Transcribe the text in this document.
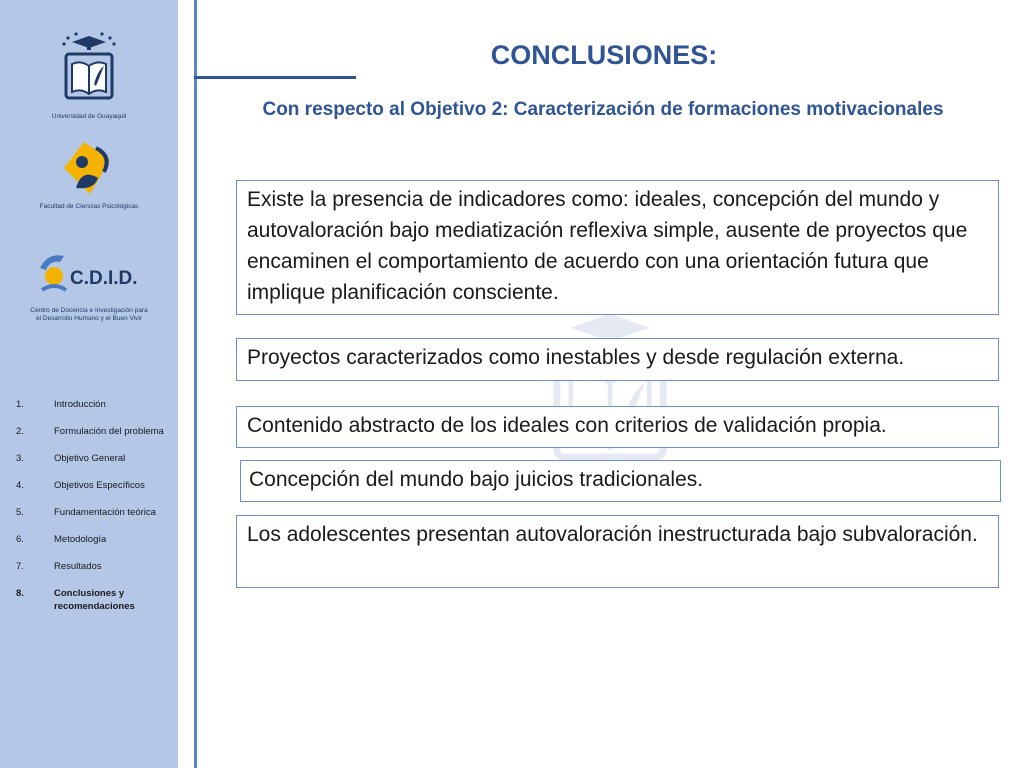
Universidad de Guayaquil
Facultad de Ciencias Psicológicas
C.D.I.D.
Centro de Docencia e Investigación para el Desarrollo Humano y el Buen Vivir
1.	Introducción
2.	Formulación del problema
3.	Objetivo General
4.	Objetivos Específicos
5.	Fundamentación teórica
6.	Metodología
7.	Resultados
8.	Conclusiones y recomendaciones
CONCLUSIONES:
Con respecto al Objetivo 2: Caracterización de formaciones motivacionales
Existe la presencia de indicadores como: ideales, concepción del mundo y autovaloración bajo mediatización reflexiva simple, ausente de proyectos que encaminen el comportamiento de acuerdo con una orientación futura que implique planificación consciente.
Proyectos caracterizados como inestables y desde regulación externa.
Contenido abstracto de los ideales con criterios de validación propia.
Concepción del mundo bajo juicios tradicionales.
Los adolescentes presentan autovaloración inestructurada bajo subvaloración.
